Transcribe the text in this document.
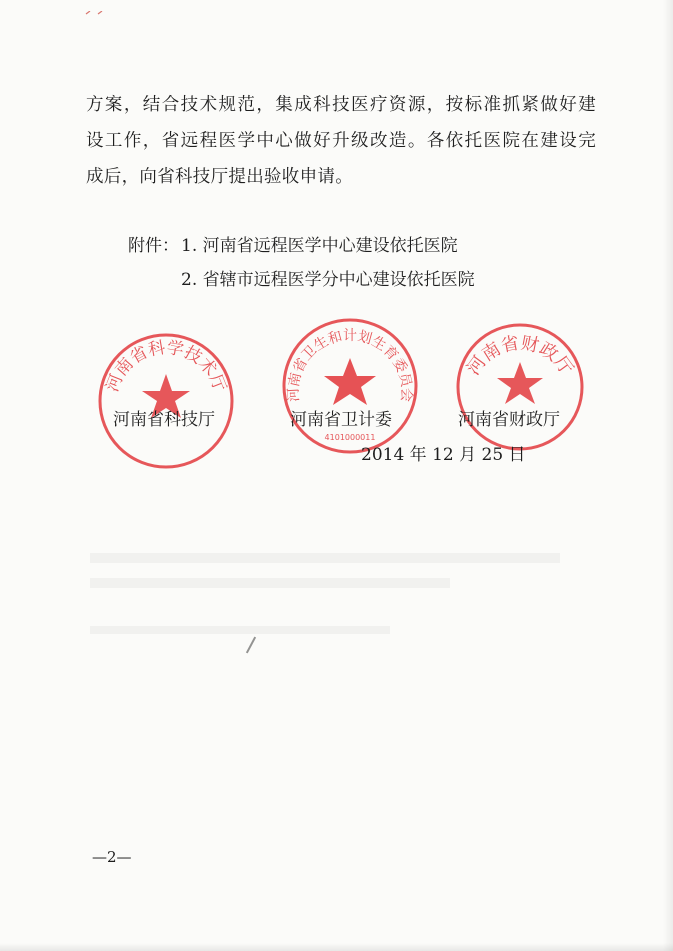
方案，结合技术规范，集成科技医疗资源，按标准抓紧做好建
设工作，省远程医学中心做好升级改造。各依托医院在建设完
成后，向省科技厅提出验收申请。
附件： 1. 河南省远程医学中心建设依托医院
2. 省辖市远程医学分中心建设依托医院
河南省科学技术厅
河南省卫生和计划生育委员会
4101000011
河南省财政厅
河南省科技厅	河南省卫计委	河南省财政厅
2014 年 12 月 25 日
—2—
